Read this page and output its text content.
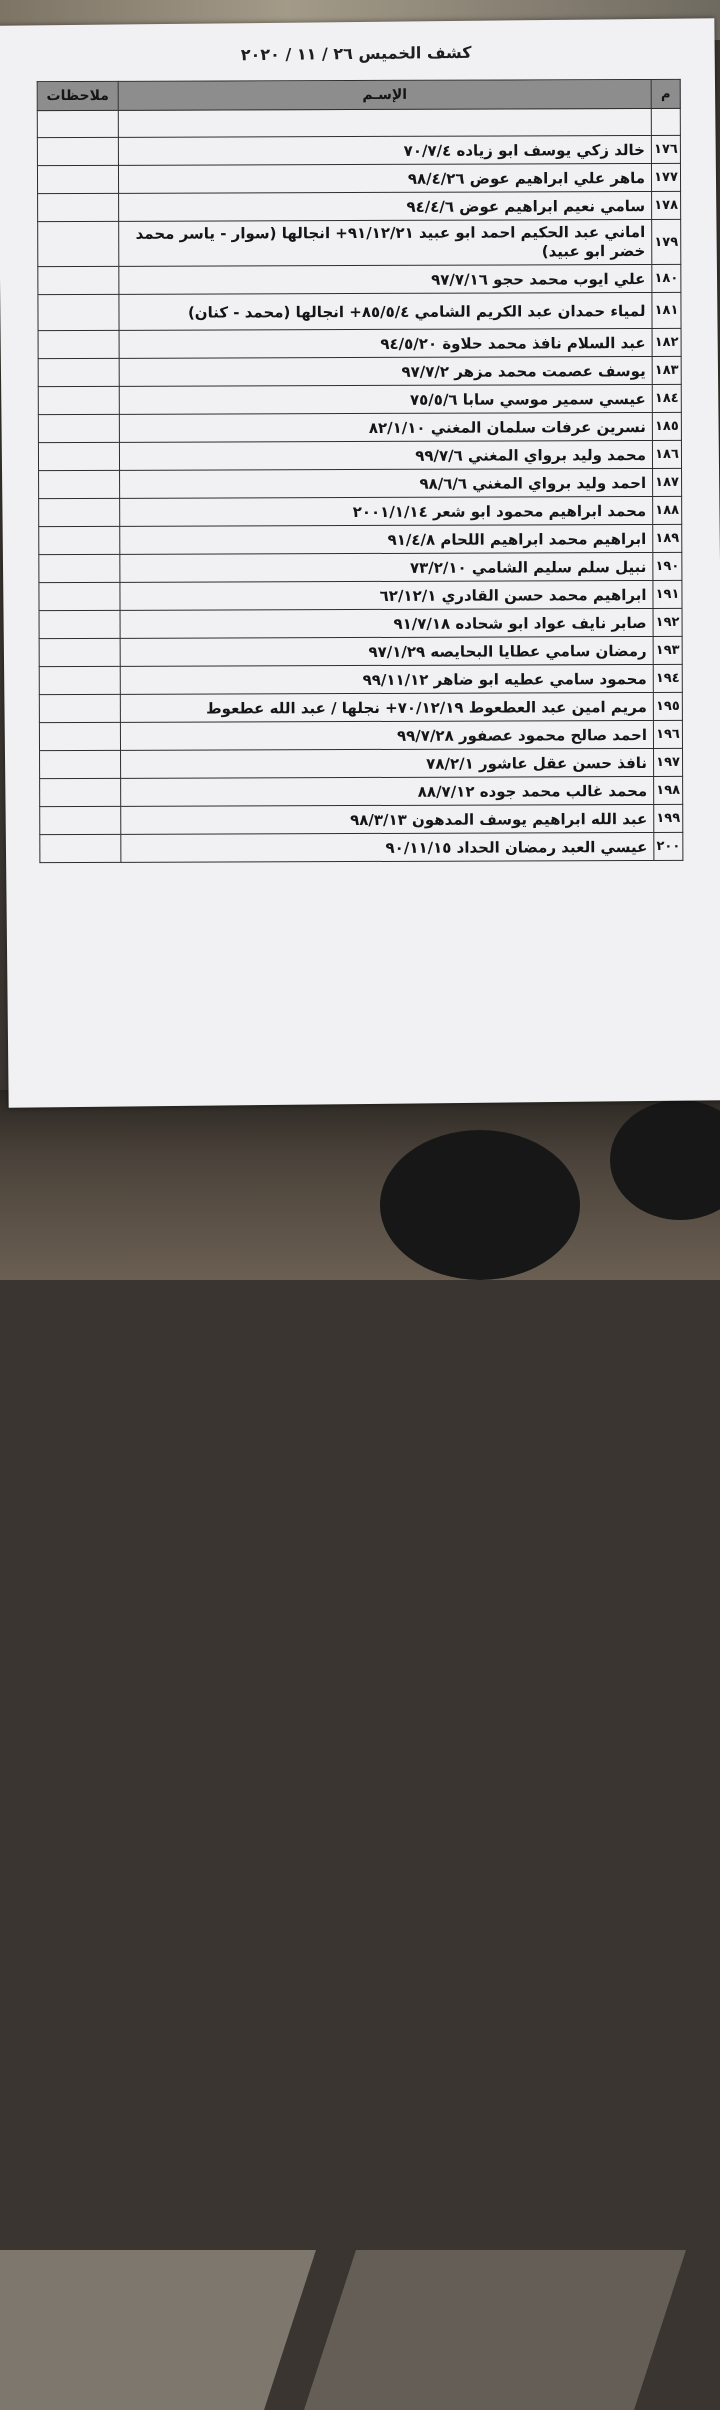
كشف الخميس ٢٦ / ١١ / ٢٠٢٠
م	الإسـم	ملاحظات

١٧٦	خالد زكي يوسف ابو زياده ٧٠/٧/٤	
١٧٧	ماهر علي ابراهيم عوض ٩٨/٤/٢٦	
١٧٨	سامي نعيم ابراهيم عوض ٩٤/٤/٦	
١٧٩	اماني عبد الحكيم احمد ابو عبيد ٩١/١٢/٢١+ انجالها (سوار - ياسر محمد خضر ابو عبيد)	
١٨٠	علي ايوب محمد حجو ٩٧/٧/١٦	
١٨١	لمياء حمدان عبد الكريم الشامي ٨٥/٥/٤+ انجالها (محمد - كنان)	
١٨٢	عبد السلام نافذ محمد حلاوة ٩٤/٥/٢٠	
١٨٣	يوسف عصمت محمد مزهر ٩٧/٧/٢	
١٨٤	عيسي سمير موسي سابا ٧٥/٥/٦	
١٨٥	نسرين عرفات سلمان المغني ٨٢/١/١٠	
١٨٦	محمد وليد برواي المغني ٩٩/٧/٦	
١٨٧	احمد وليد برواي المغني ٩٨/٦/٦	
١٨٨	محمد ابراهيم محمود ابو شعر ٢٠٠١/١/١٤	
١٨٩	ابراهيم محمد ابراهيم اللحام ٩١/٤/٨	
١٩٠	نبيل سلم سليم الشامي ٧٣/٢/١٠	
١٩١	ابراهيم محمد حسن القادري ٦٢/١٢/١	
١٩٢	صابر نايف عواد ابو شحاده ٩١/٧/١٨	
١٩٣	رمضان سامي عطايا البحايصه ٩٧/١/٢٩	
١٩٤	محمود سامي عطيه ابو ضاهر ٩٩/١١/١٢	
١٩٥	مريم امين عبد العطعوط ٧٠/١٢/١٩+ نجلها / عبد الله عطعوط	
١٩٦	احمد صالح محمود عصفور ٩٩/٧/٢٨	
١٩٧	نافذ حسن عقل عاشور ٧٨/٢/١	
١٩٨	محمد غالب محمد جوده ٨٨/٧/١٢	
١٩٩	عبد الله ابراهيم يوسف المدهون ٩٨/٣/١٣	
٢٠٠	عيسي العبد رمضان الحداد ٩٠/١١/١٥	
